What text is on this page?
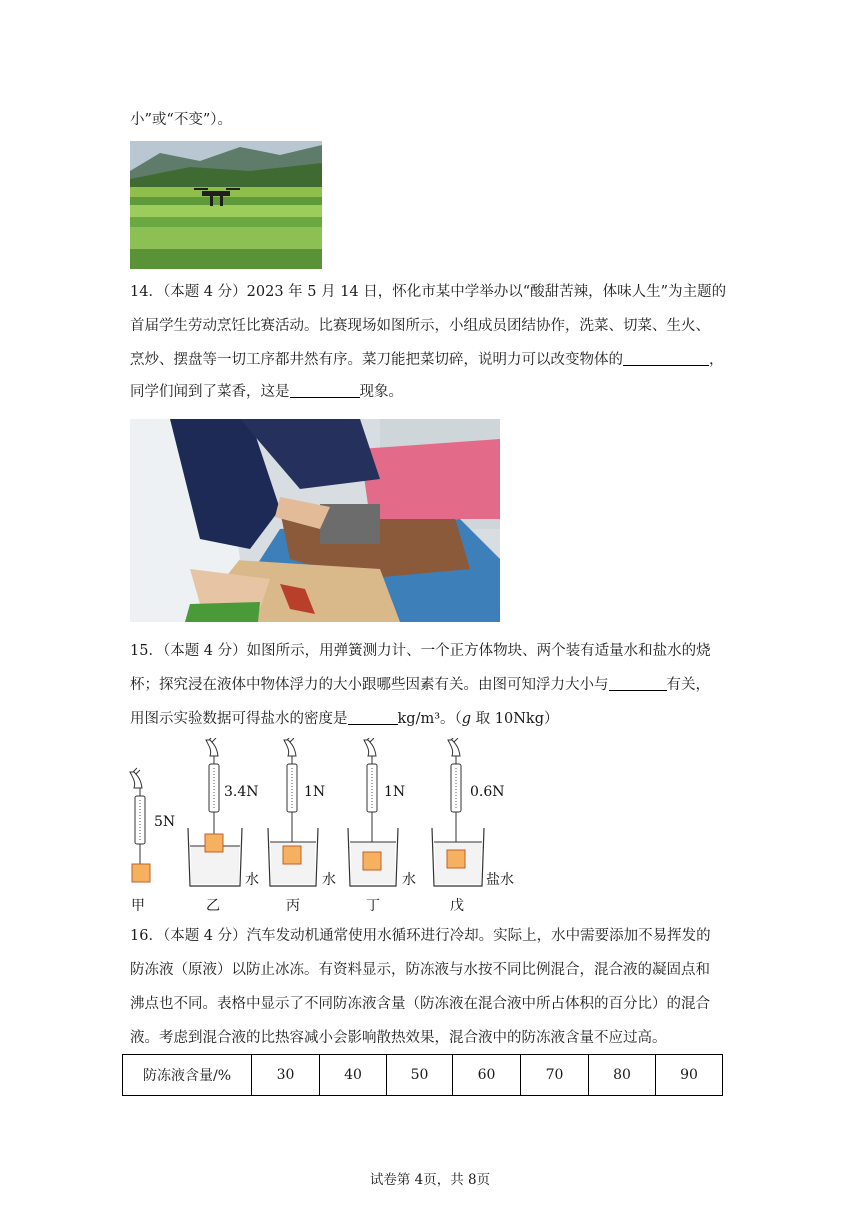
小”或“不变”）。
14．（本题 4 分）2023 年 5 月 14 日，怀化市某中学举办以“酸甜苦辣，体味人生”为主题的
首届学生劳动烹饪比赛活动。比赛现场如图所示，小组成员团结协作，洗菜、切菜、生火、
烹炒、摆盘等一切工序都井然有序。菜刀能把菜切碎，说明力可以改变物体的	，
同学们闻到了菜香，这是	现象。
15．（本题 4 分）如图所示，用弹簧测力计、一个正方体物块、两个装有适量水和盐水的烧
杯；探究浸在液体中物体浮力的大小跟哪些因素有关。由图可知浮力大小与	有关，
用图示实验数据可得盐水的密度是	kg/m³。（g 取 10Nkg）
5N
甲
3.4N
水
乙
1N
水
丙
1N
水
丁
0.6N
盐水
戊
16．（本题 4 分）汽车发动机通常使用水循环进行冷却。实际上，水中需要添加不易挥发的
防冻液（原液）以防止冰冻。有资料显示，防冻液与水按不同比例混合，混合液的凝固点和
沸点也不同。表格中显示了不同防冻液含量（防冻液在混合液中所占体积的百分比）的混合
液。考虑到混合液的比热容减小会影响散热效果，混合液中的防冻液含量不应过高。
防冻液含量/%	30	40	50	60	70	80	90
试卷第 4页，共 8页
